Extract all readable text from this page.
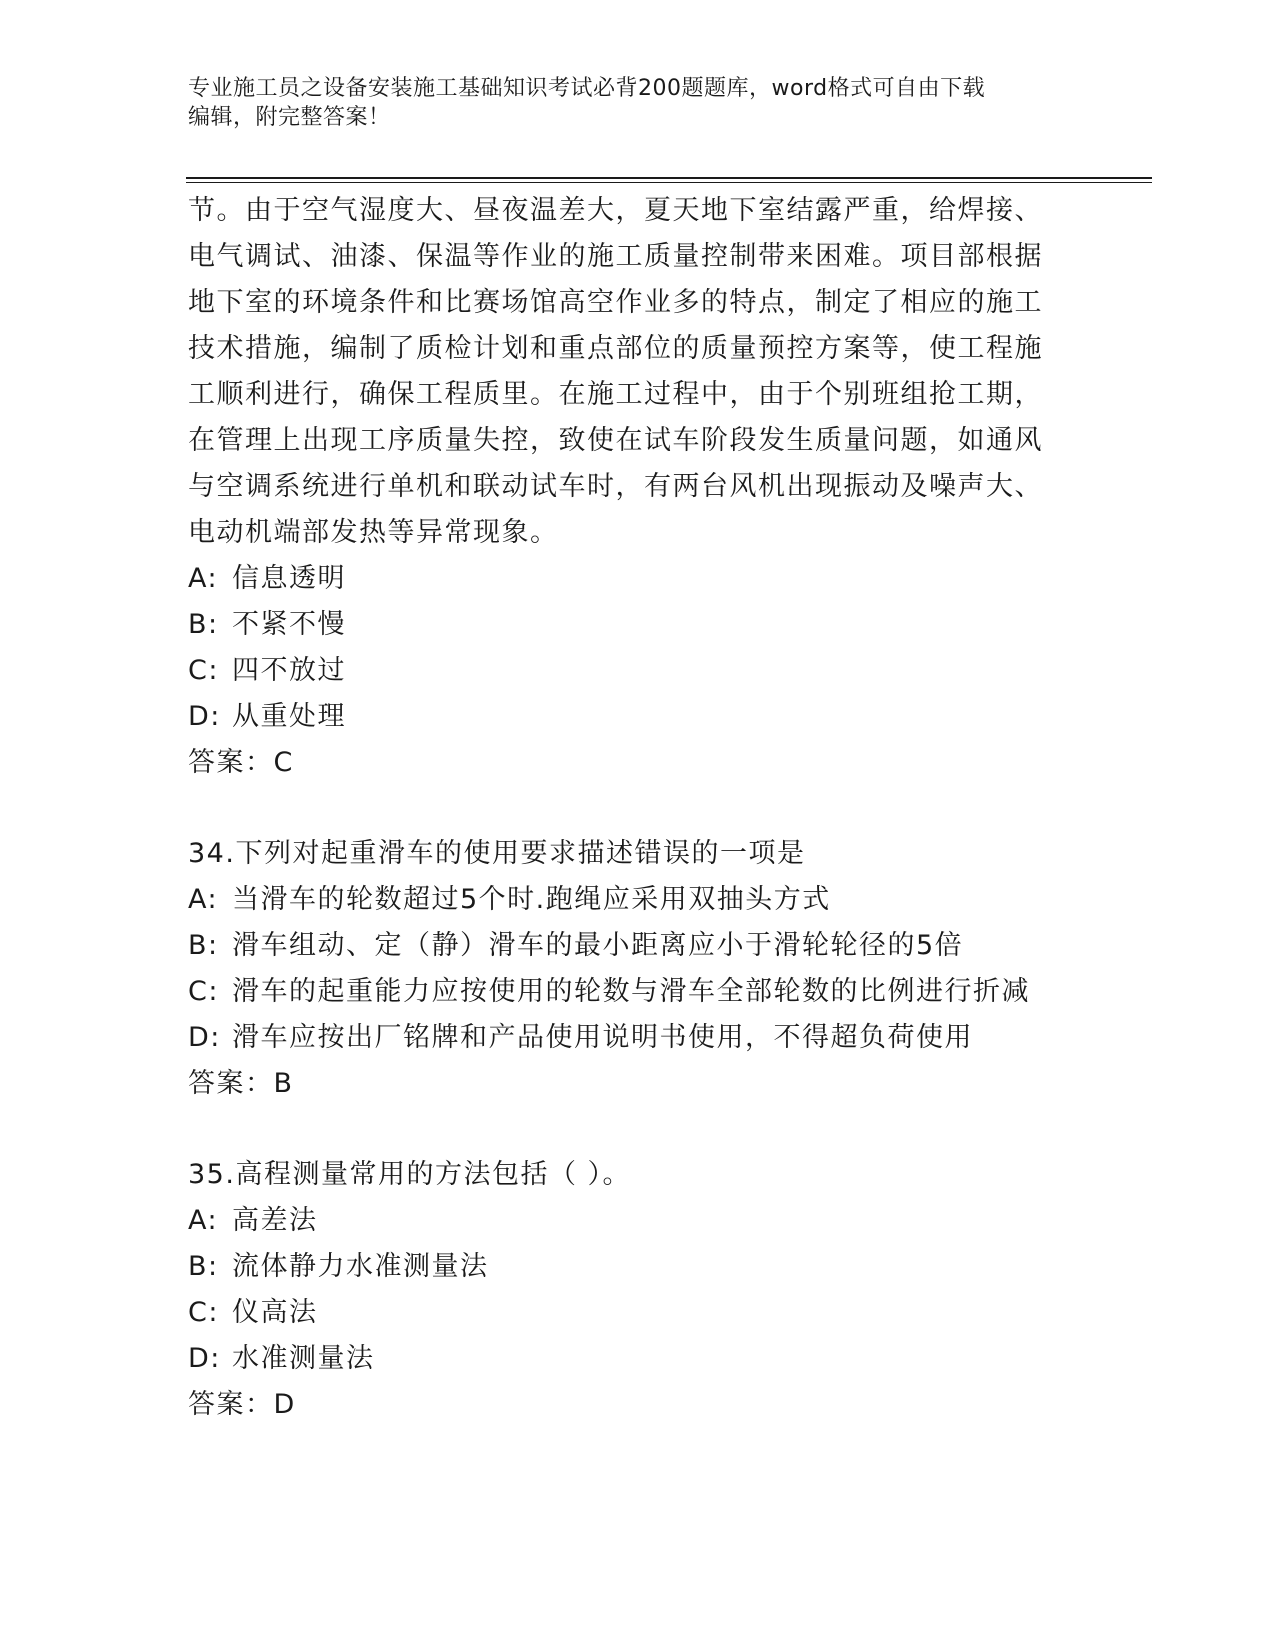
专业施工员之设备安装施工基础知识考试必背200题题库，word格式可自由下载
编辑，附完整答案！
节。由于空气湿度大、昼夜温差大，夏天地下室结露严重，给焊接、
电气调试、油漆、保温等作业的施工质量控制带来困难。项目部根据
地下室的环境条件和比赛场馆高空作业多的特点，制定了相应的施工
技术措施，编制了质检计划和重点部位的质量预控方案等，使工程施
工顺利进行，确保工程质里。在施工过程中，由于个别班组抢工期，
在管理上出现工序质量失控，致使在试车阶段发生质量问题，如通风
与空调系统进行单机和联动试车时，有两台风机出现振动及噪声大、
电动机端部发热等异常现象。
A: 信息透明
B: 不紧不慢
C: 四不放过
D: 从重处理
答案：C
34.下列对起重滑车的使用要求描述错误的一项是
A: 当滑车的轮数超过5个时.跑绳应采用双抽头方式
B: 滑车组动、定（静）滑车的最小距离应小于滑轮轮径的5倍
C: 滑车的起重能力应按使用的轮数与滑车全部轮数的比例进行折减
D: 滑车应按出厂铭牌和产品使用说明书使用，不得超负荷使用
答案：B
35.高程测量常用的方法包括（ ）。
A: 高差法
B: 流体静力水准测量法
C: 仪高法
D: 水准测量法
答案：D
